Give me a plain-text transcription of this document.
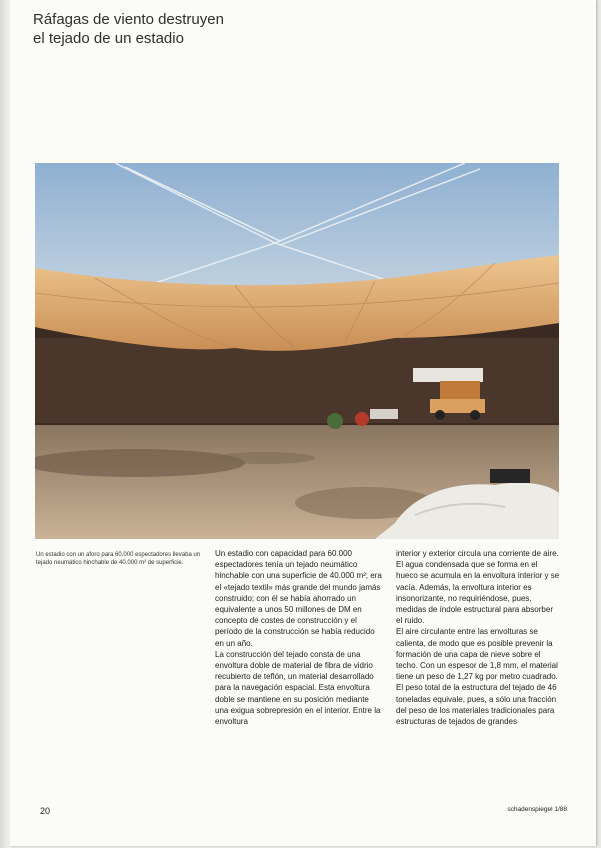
Ráfagas de viento destruyen
el tejado de un estadio
Un estadio con un aforo para 60.000 espectadores llevaba un tejado neumático hinchable de 40.000 m² de superficie.

Un estadio con capacidad para 60.000 espectadores tenía un tejado neumático hinchable con una superficie de 40.000 m²; era el «tejado textil» más grande del mundo jamás construido; con él se había ahorrado un equivalente a unos 50 millones de DM en concepto de costes de construcción y el período de la construcción se había reducido en un año.

La construcción del tejado consta de una envoltura doble de material de fibra de vidrio recubierto de teflón, un material desarrollado para la navegación espacial. Esta envoltura doble se mantiene en su posición mediante una exigua sobrepresión en el interior. Entre la envoltura

interior y exterior circula una corriente de aire. El agua condensada que se forma en el hueco se acumula en la envoltura interior y se vacía. Además, la envoltura interior es insonorizante, no requiriéndose, pues, medidas de índole estructural para absorber el ruido.

El aire circulante entre las envolturas se calienta, de modo que es posible prevenir la formación de una capa de nieve sobre el techo. Con un espesor de 1,8 mm, el material tiene un peso de 1,27 kg por metro cuadrado. El peso total de la estructura del tejado de 46 toneladas equivale, pues, a sólo una fracción del peso de los materiales tradicionales para estructuras de tejados de grandes

20	schadenspiegel 1/88
